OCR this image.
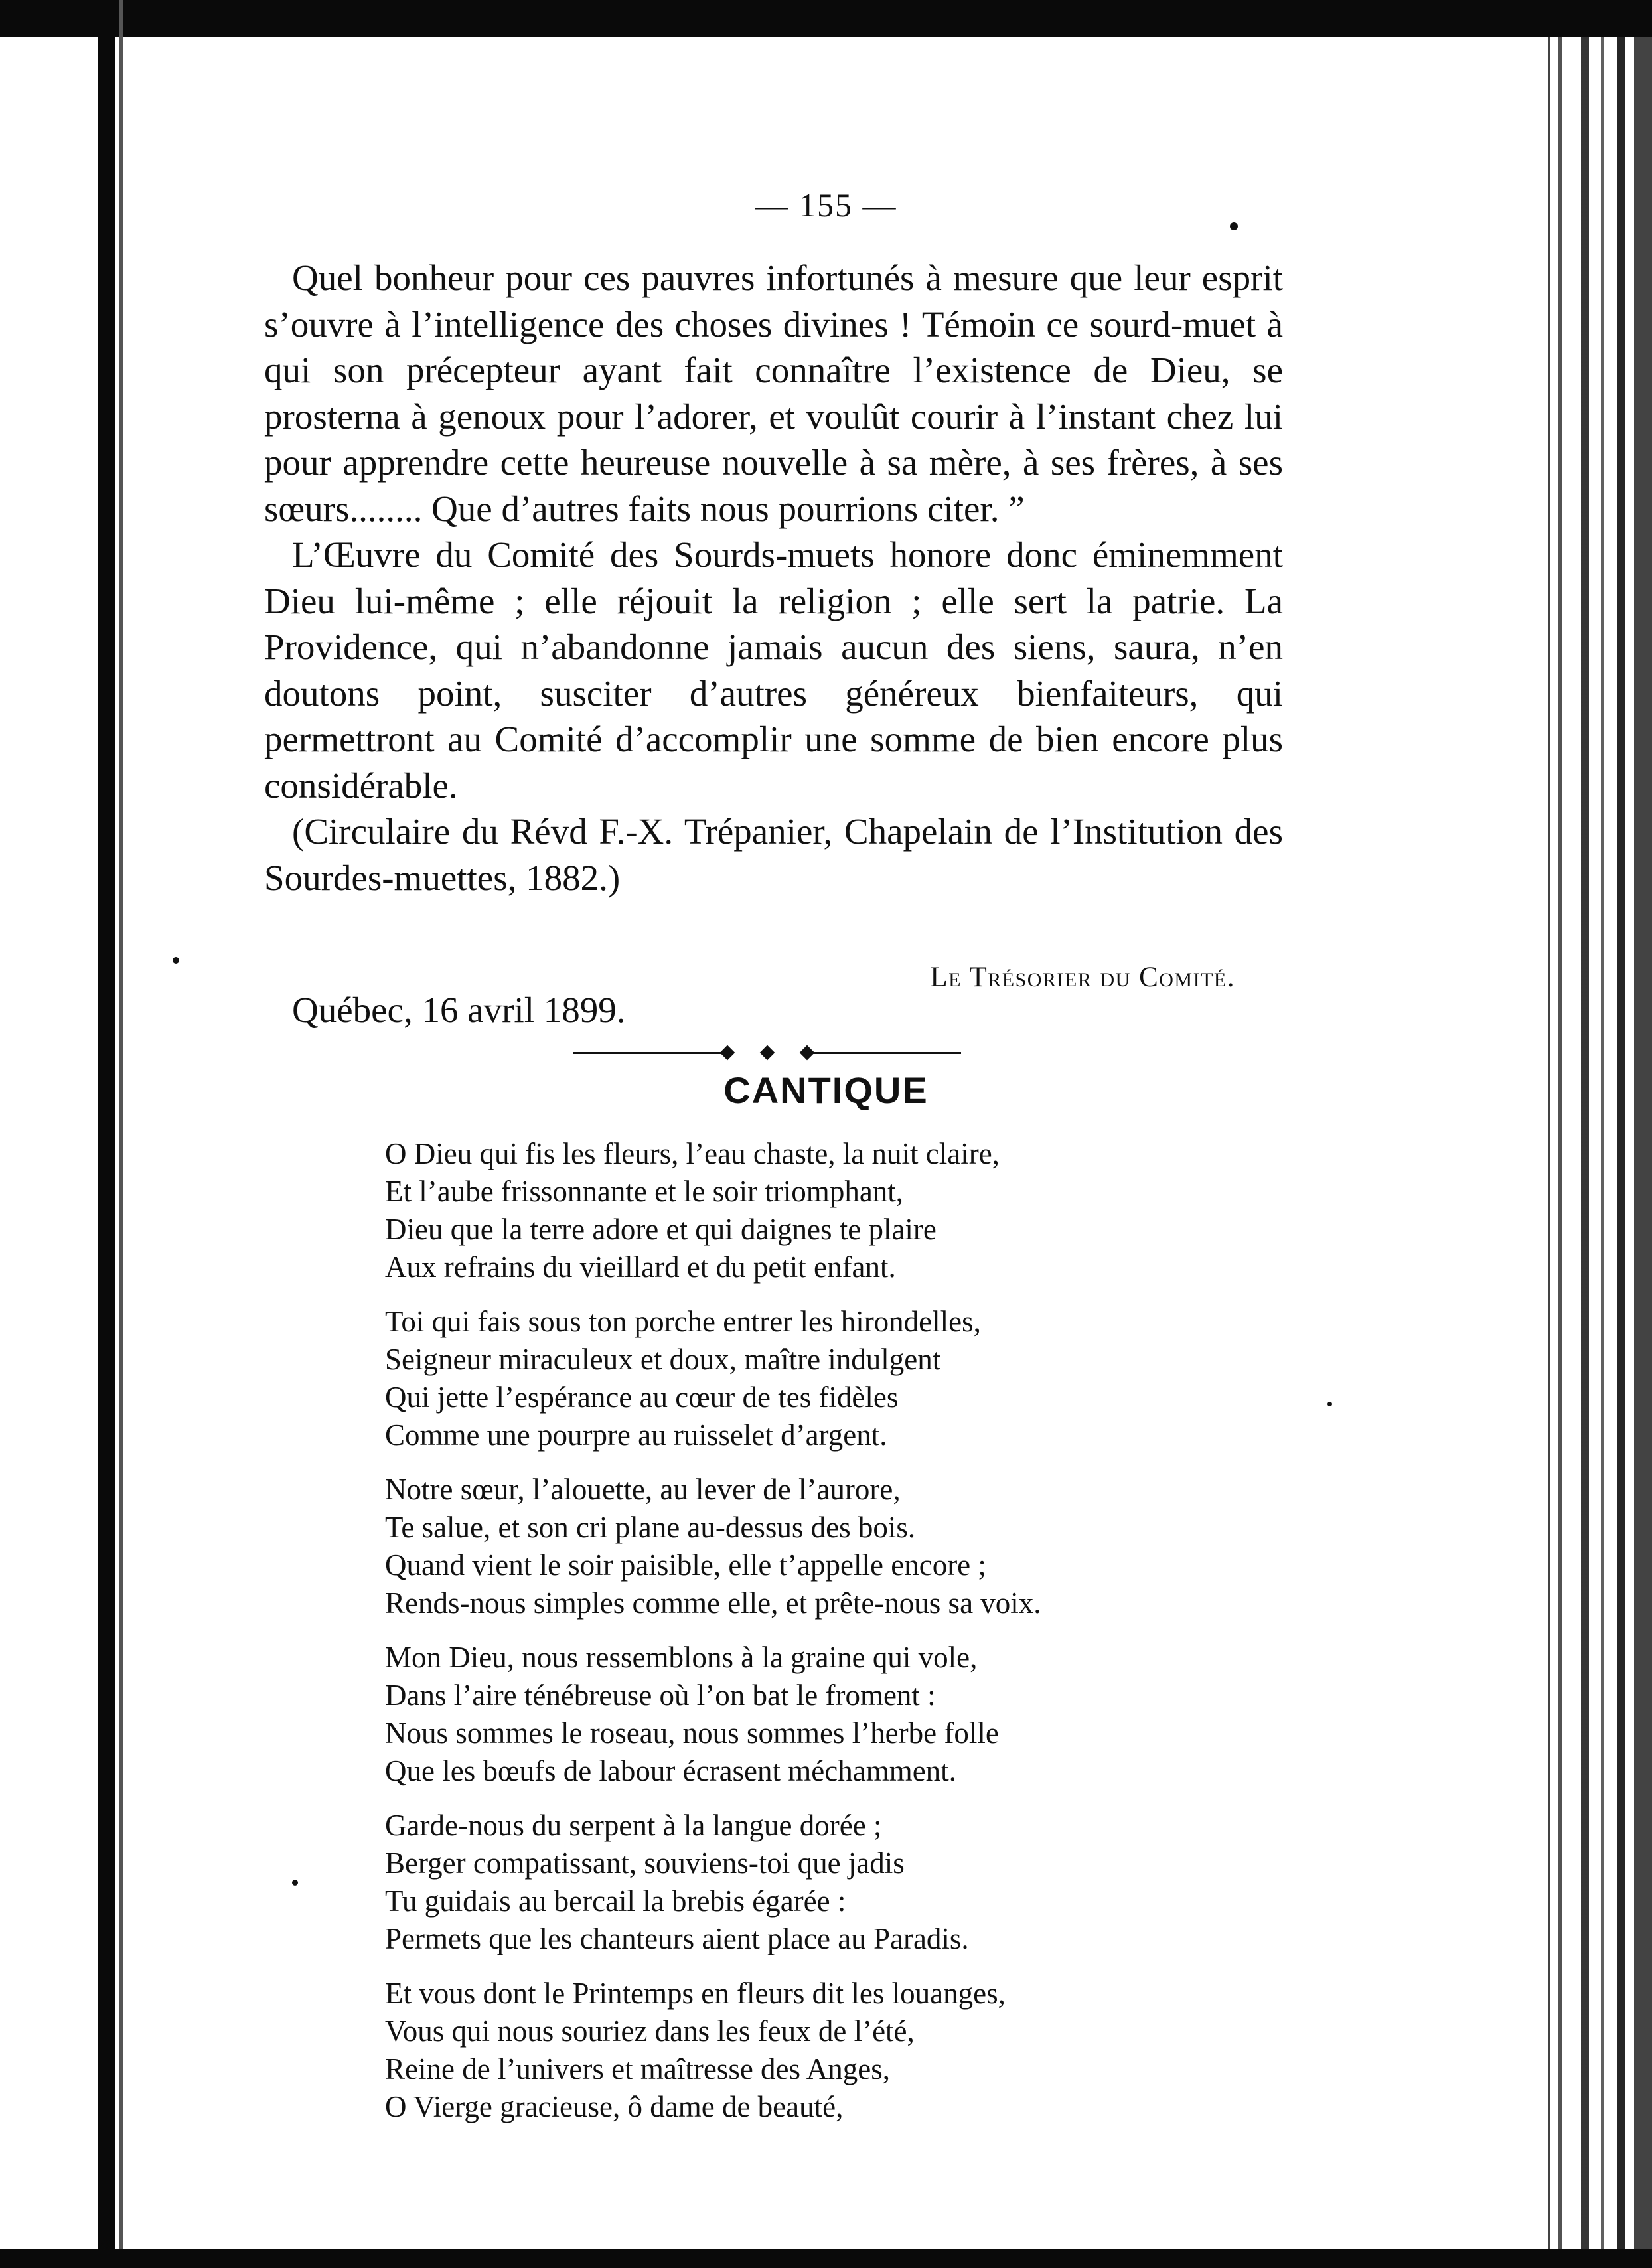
— 155 —

Quel bonheur pour ces pauvres infortunés à mesure que leur esprit s’ouvre à l’intelligence des choses divines ! Témoin ce sourd-muet à qui son précepteur ayant fait connaître l’existence de Dieu, se prosterna à genoux pour l’adorer, et voulût courir à l’instant chez lui pour apprendre cette heureuse nouvelle à sa mère, à ses frères, à ses sœurs........ Que d’autres faits nous pourrions citer. ”

L’Œuvre du Comité des Sourds-muets honore donc éminemment Dieu lui-même ; elle réjouit la religion ; elle sert la patrie. La Providence, qui n’abandonne jamais aucun des siens, saura, n’en doutons point, susciter d’autres généreux bienfaiteurs, qui permettront au Comité d’accomplir une somme de bien encore plus considérable.

(Circulaire du Révd F.-X. Trépanier, Chapelain de l’Institution des Sourdes-muettes, 1882.)

Le Trésorier du Comité.
Québec, 16 avril 1899.
CANTIQUE
O Dieu qui fis les fleurs, l’eau chaste, la nuit claire,
Et l’aube frissonnante et le soir triomphant,
Dieu que la terre adore et qui daignes te plaire
Aux refrains du vieillard et du petit enfant.
Toi qui fais sous ton porche entrer les hirondelles,
Seigneur miraculeux et doux, maître indulgent
Qui jette l’espérance au cœur de tes fidèles
Comme une pourpre au ruisselet d’argent.
Notre sœur, l’alouette, au lever de l’aurore,
Te salue, et son cri plane au-dessus des bois.
Quand vient le soir paisible, elle t’appelle encore ;
Rends-nous simples comme elle, et prête-nous sa voix.
Mon Dieu, nous ressemblons à la graine qui vole,
Dans l’aire ténébreuse où l’on bat le froment :
Nous sommes le roseau, nous sommes l’herbe folle
Que les bœufs de labour écrasent méchamment.
Garde-nous du serpent à la langue dorée ;
Berger compatissant, souviens-toi que jadis
Tu guidais au bercail la brebis égarée :
Permets que les chanteurs aient place au Paradis.
Et vous dont le Printemps en fleurs dit les louanges,
Vous qui nous souriez dans les feux de l’été,
Reine de l’univers et maîtresse des Anges,
O Vierge gracieuse, ô dame de beauté,
